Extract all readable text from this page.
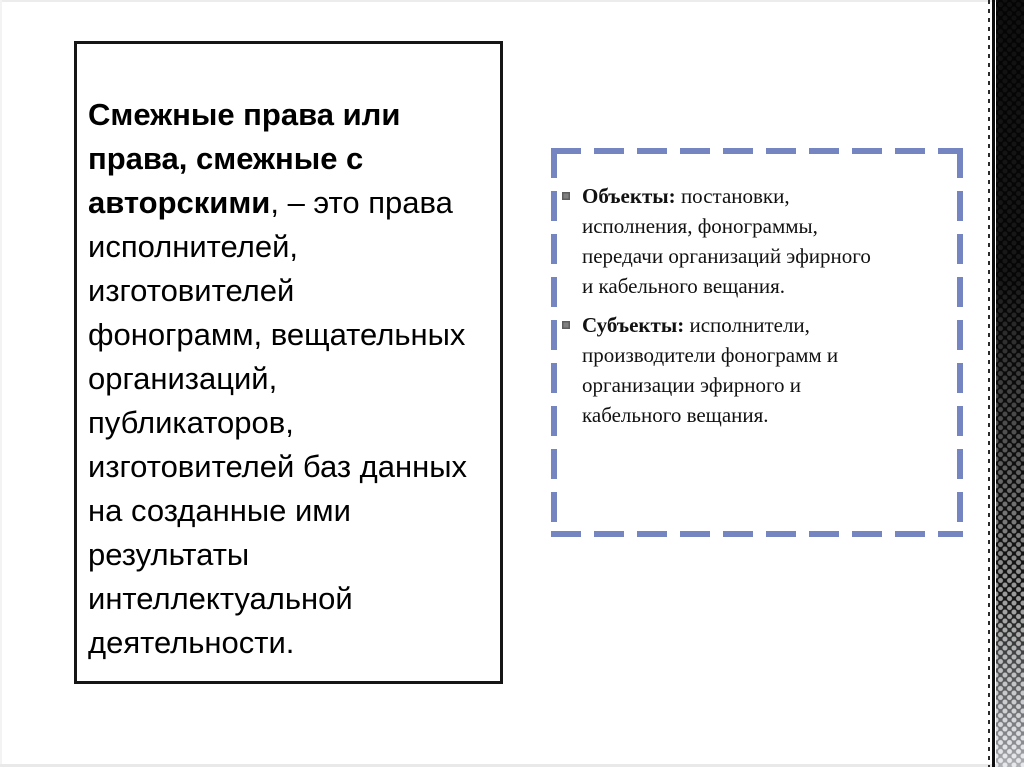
Смежные права или
права, смежные с
авторскими, – это права
исполнителей,
изготовителей
фонограмм, вещательных
организаций,
публикаторов,
изготовителей баз данных
на созданные ими
результаты
интеллектуальной
деятельности.
Объекты: постановки,
исполнения, фонограммы,
передачи организаций эфирного
и кабельного вещания.
Субъекты: исполнители,
производители фонограмм и
организации эфирного и
кабельного вещания.
